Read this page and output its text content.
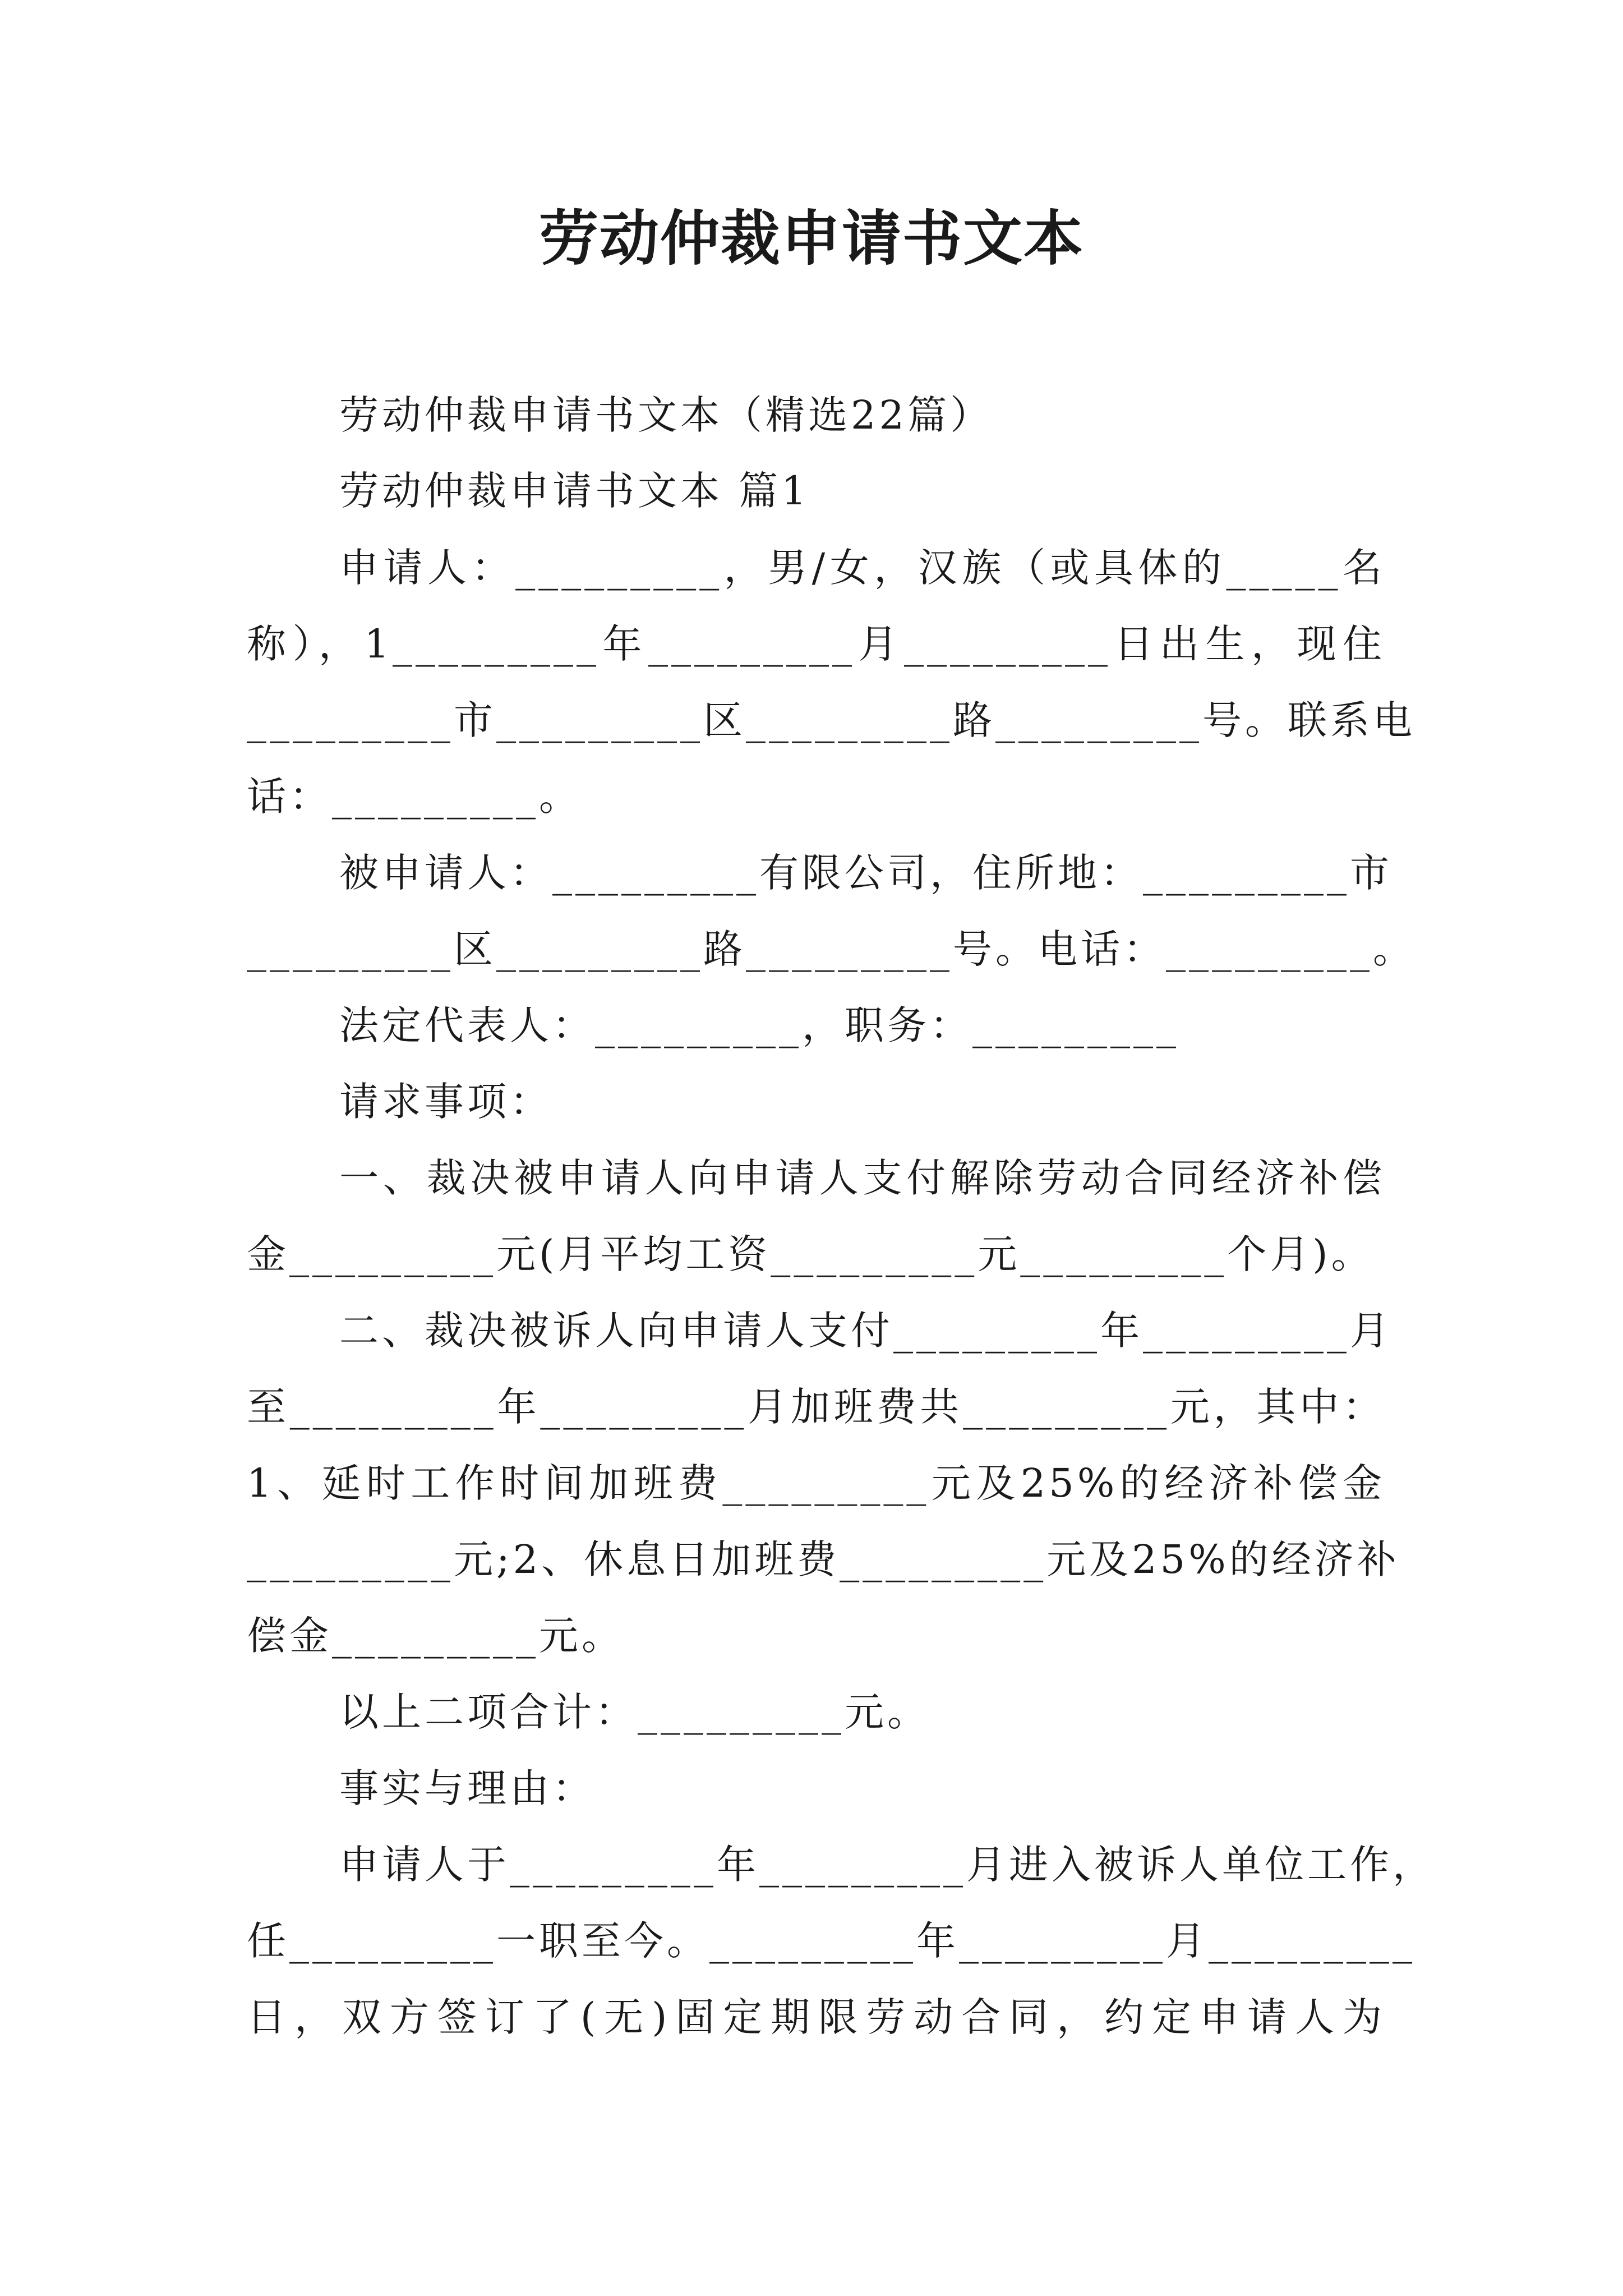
劳动仲裁申请书文本
劳动仲裁申请书文本（精选22篇）
劳动仲裁申请书文本 篇1
申请人：_________，男/女，汉族（或具体的_____名
称），1_________年_________月_________日出生，现住
_________市_________区_________路_________号。联系电
话：_________。
被申请人：_________有限公司，住所地：_________市
_________区_________路_________号。电话：_________。
法定代表人：_________，职务：_________
请求事项：
一、裁决被申请人向申请人支付解除劳动合同经济补偿
金_________元(月平均工资_________元_________个月)。
二、裁决被诉人向申请人支付_________年_________月
至_________年_________月加班费共_________元，其中：
1、延时工作时间加班费_________元及25%的经济补偿金
_________元;2、休息日加班费_________元及25%的经济补
偿金_________元。
以上二项合计：_________元。
事实与理由：
申请人于_________年_________月进入被诉人单位工作，
任_________一职至今。_________年_________月_________
日，双方签订了(无)固定期限劳动合同，约定申请人为
